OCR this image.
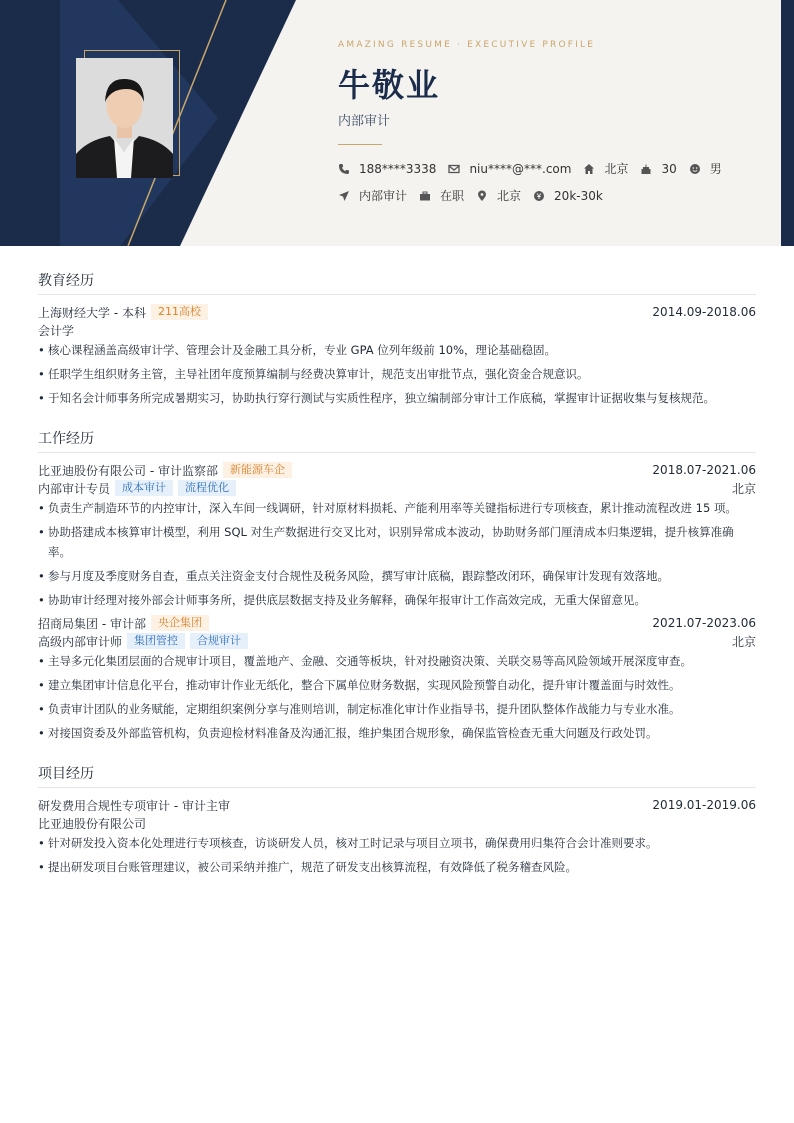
AMAZING RESUME · EXECUTIVE PROFILE
牛敬业
内部审计
188****3338	niu****@***.com	北京	30	男
内部审计	在职	北京	20k-30k
教育经历
上海财经大学 - 本科	211高校	2014.09-2018.06
会计学
• 核心课程涵盖高级审计学、管理会计及金融工具分析，专业 GPA 位列年级前 10%，理论基础稳固。
• 任职学生组织财务主管，主导社团年度预算编制与经费决算审计，规范支出审批节点，强化资金合规意识。
• 于知名会计师事务所完成暑期实习，协助执行穿行测试与实质性程序，独立编制部分审计工作底稿，掌握审计证据收集与复核规范。
工作经历
比亚迪股份有限公司 - 审计监察部	新能源车企	2018.07-2021.06
内部审计专员	成本审计	流程优化	北京
• 负责生产制造环节的内控审计，深入车间一线调研，针对原材料损耗、产能利用率等关键指标进行专项核查，累计推动流程改进 15 项。
• 协助搭建成本核算审计模型，利用 SQL 对生产数据进行交叉比对，识别异常成本波动，协助财务部门厘清成本归集逻辑，提升核算准确率。
• 参与月度及季度财务自查，重点关注资金支付合规性及税务风险，撰写审计底稿，跟踪整改闭环，确保审计发现有效落地。
• 协助审计经理对接外部会计师事务所，提供底层数据支持及业务解释，确保年报审计工作高效完成，无重大保留意见。
招商局集团 - 审计部	央企集团	2021.07-2023.06
高级内部审计师	集团管控	合规审计	北京
• 主导多元化集团层面的合规审计项目，覆盖地产、金融、交通等板块，针对投融资决策、关联交易等高风险领域开展深度审查。
• 建立集团审计信息化平台，推动审计作业无纸化，整合下属单位财务数据，实现风险预警自动化，提升审计覆盖面与时效性。
• 负责审计团队的业务赋能，定期组织案例分享与准则培训，制定标准化审计作业指导书，提升团队整体作战能力与专业水准。
• 对接国资委及外部监管机构，负责迎检材料准备及沟通汇报，维护集团合规形象，确保监管检查无重大问题及行政处罚。
项目经历
研发费用合规性专项审计 - 审计主审	2019.01-2019.06
比亚迪股份有限公司
• 针对研发投入资本化处理进行专项核查，访谈研发人员，核对工时记录与项目立项书，确保费用归集符合会计准则要求。
• 提出研发项目台账管理建议，被公司采纳并推广，规范了研发支出核算流程，有效降低了税务稽查风险。
